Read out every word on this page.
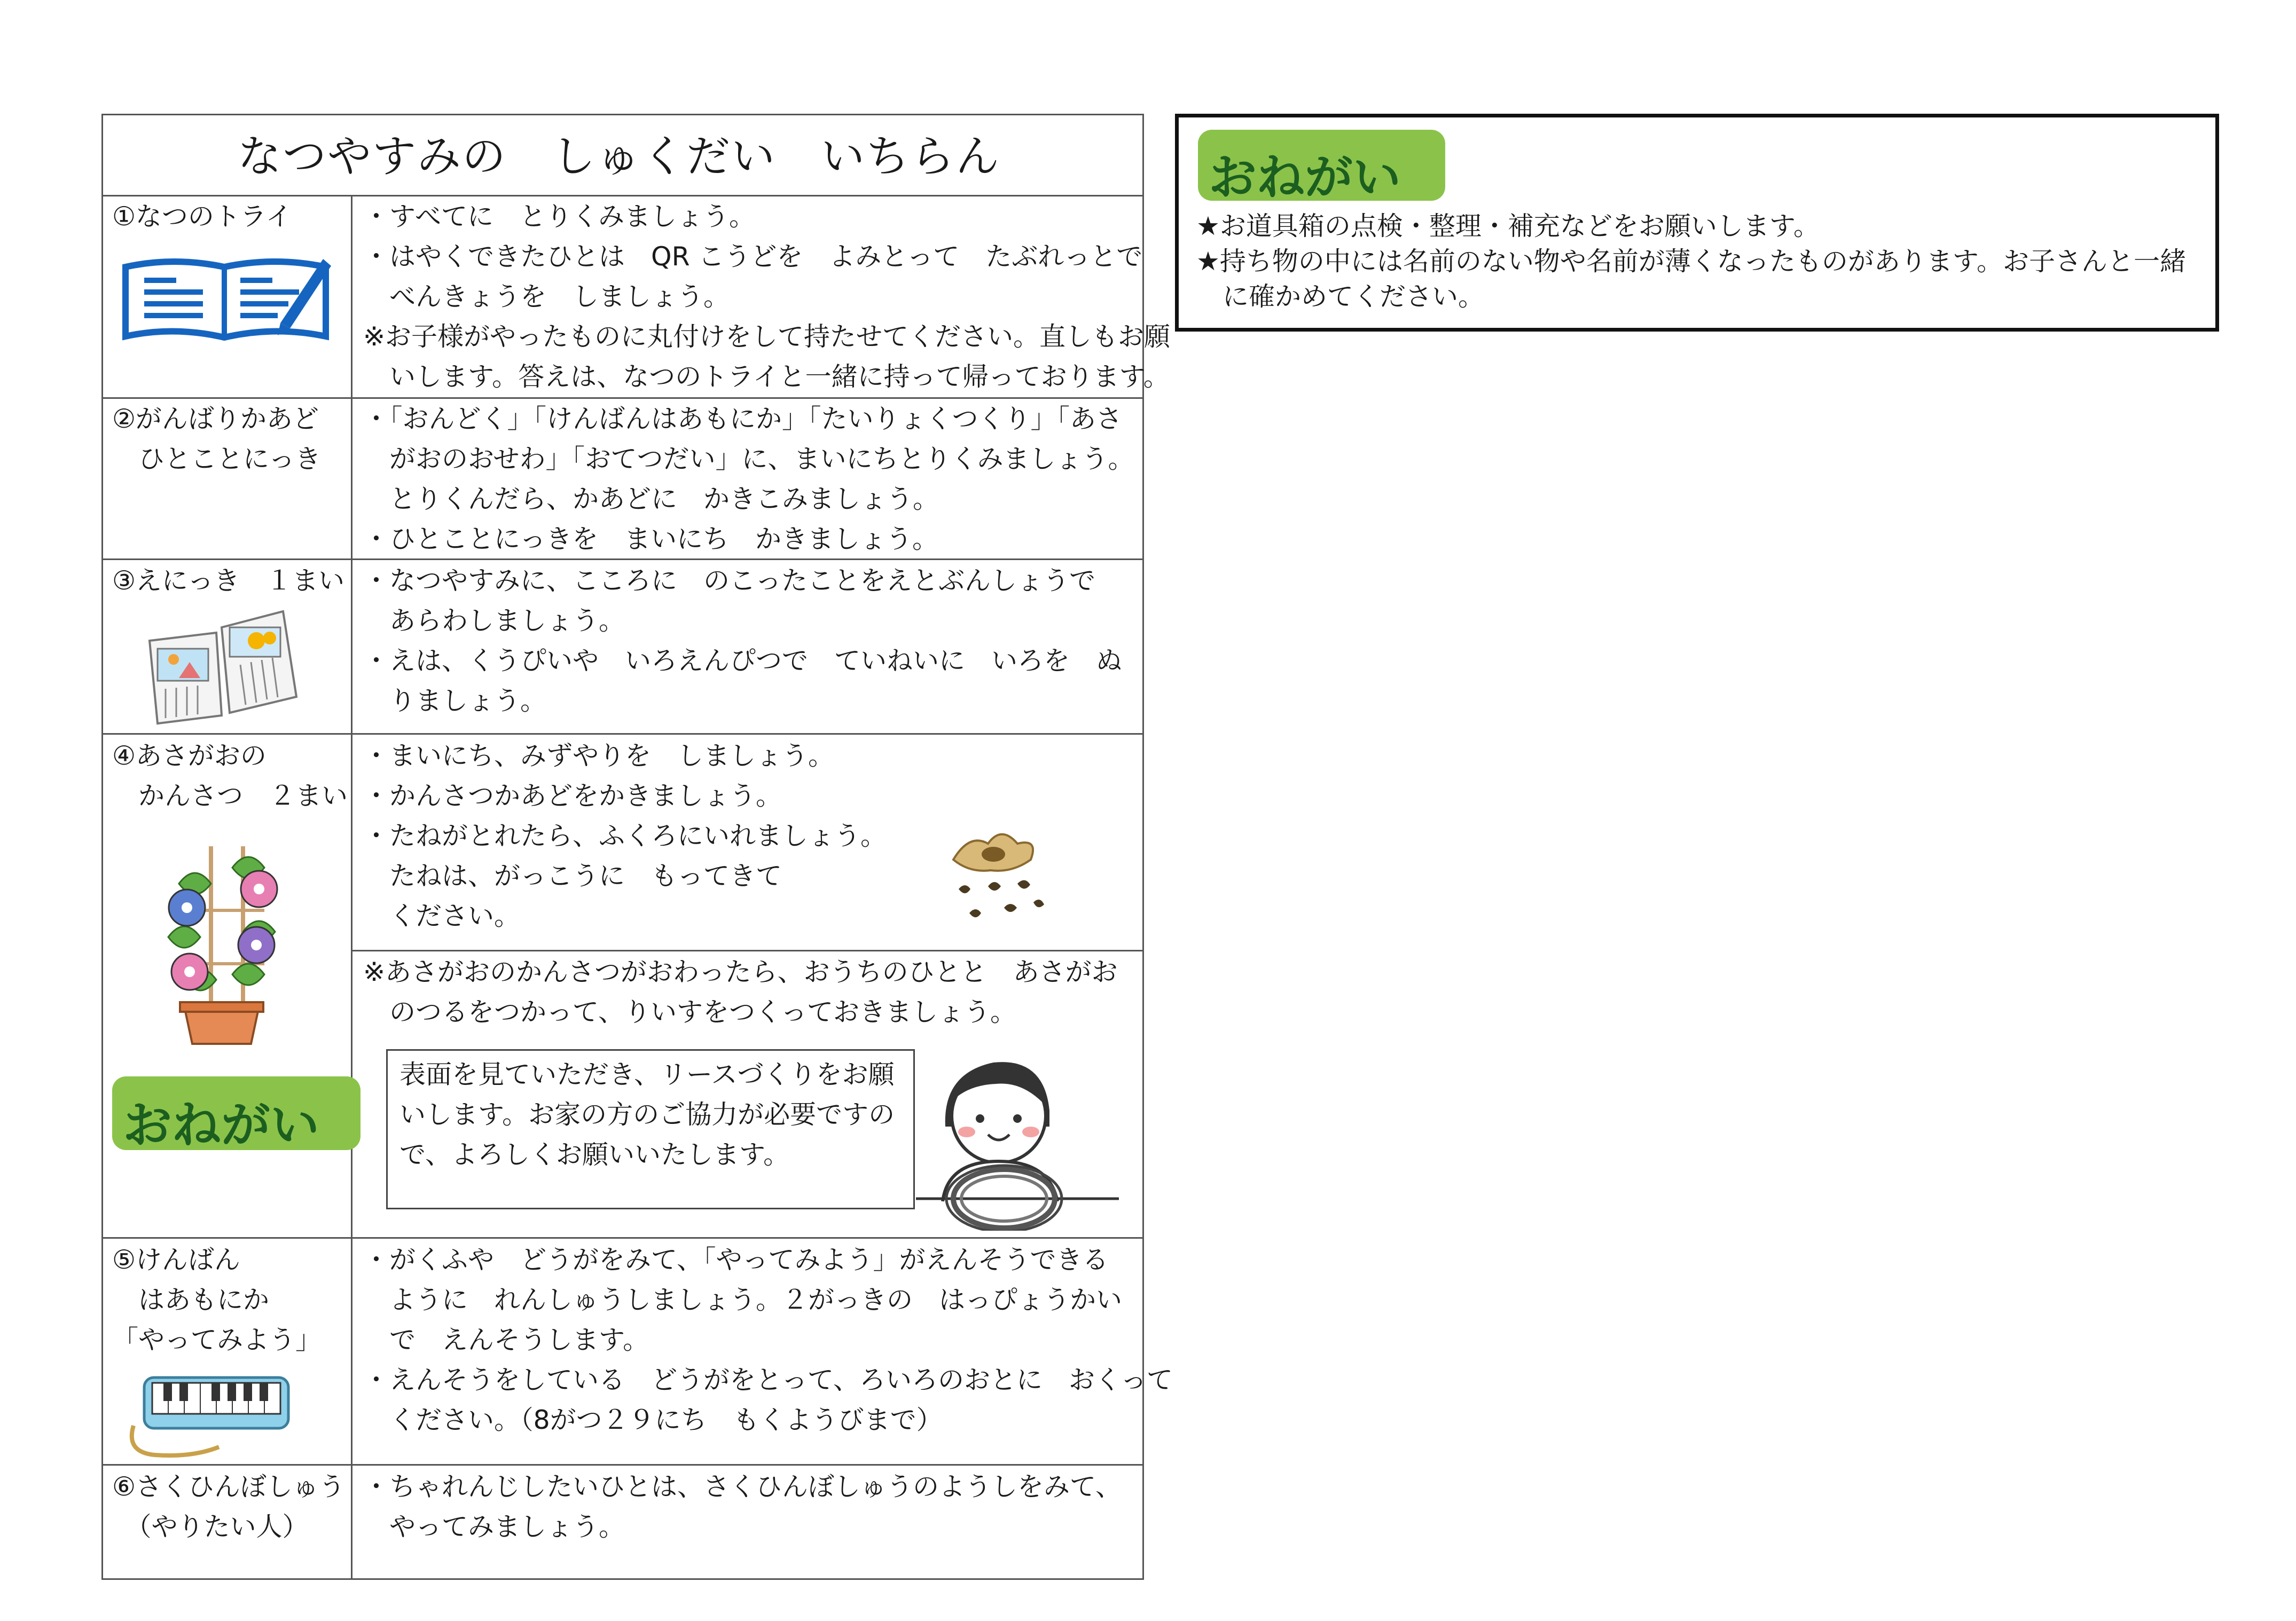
なつやすみの　しゅくだい　いちらん
①なつのトライ	・すべてに　とりくみましょう。
・はやくできたひとは　QR こうどを　よみとって　たぶれっとで
　べんきょうを　しましょう。
※お子様がやったものに丸付けをして持たせてください。直しもお願
　いします。答えは、なつのトライと一緒に持って帰っております。
②がんばりかあど
　ひとことにっき
・「おんどく」「けんばんはあもにか」「たいりょくつくり」「あさ
　がおのおせわ」「おてつだい」に、まいにちとりくみましょう。
　とりくんだら、かあどに　かきこみましょう。
・ひとことにっきを　まいにち　かきましょう。
③えにっき　１まい ・なつやすみに、こころに　のこったことをえとぶんしょうで
　あらわしましょう。
・えは、くうぴいや　いろえんぴつで　ていねいに　いろを　ぬ
　りましょう。
④あさがおの
　かんさつ　２まい
・まいにち、みずやりを　しましょう。
・かんさつかあどをかきましょう。
・たねがとれたら、ふくろにいれましょう。
　たねは、がっこうに　もってきて
　ください。
※あさがおのかんさつがおわったら、おうちのひとと　あさがお
　のつるをつかって、りいすをつくっておきましょう。
おねがい
表面を見ていただき、リースづくりをお願
いします。お家の方のご協力が必要ですの
で、よろしくお願いいたします。
⑤けんばん
　はあもにか
「やってみよう」
・がくふや　どうがをみて、「やってみよう」がえんそうできる
　ように　れんしゅうしましょう。２がっきの　はっぴょうかい
　で　えんそうします。
・えんそうをしている　どうがをとって、ろいろのおとに　おくって
　ください。（8がつ２９にち　もくようびまで）
⑥さくひんぼしゅう
　（やりたい人）
・ちゃれんじしたいひとは、さくひんぼしゅうのようしをみて、
　やってみましょう。
おねがい
★お道具箱の点検・整理・補充などをお願いします。
★持ち物の中には名前のない物や名前が薄くなったものがあります。お子さんと一緒
　に確かめてください。
